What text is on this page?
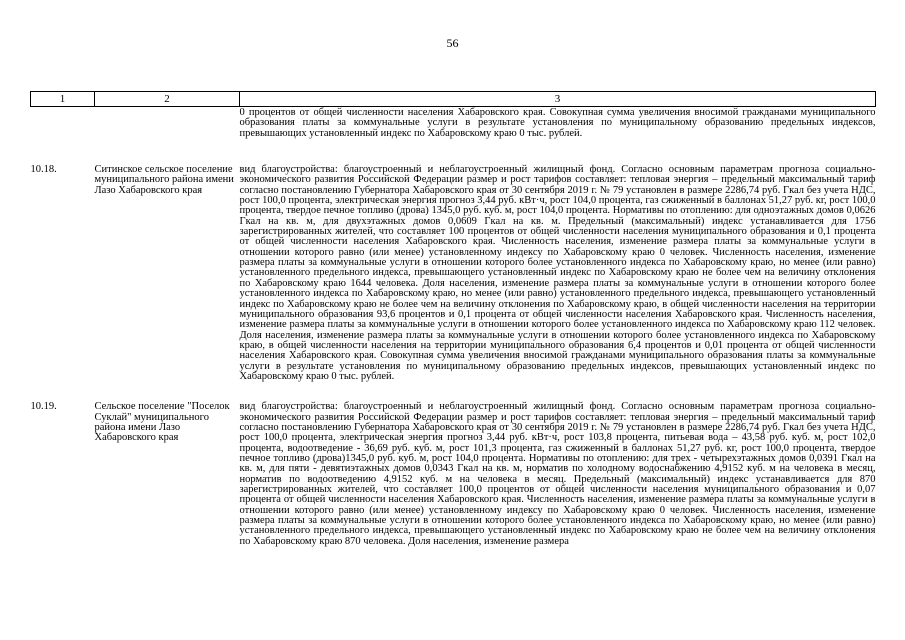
56
1	2	3
		0 процентов от общей численности населения Хабаровского края. Совокупная сумма увеличения вносимой гражданами муниципального образования платы за коммунальные услуги в результате установления по муниципальному образованию предельных индексов, превышающих установленный индекс по Хабаровскому краю 0 тыс. рублей.
10.18.	Ситинское сельское поселение муниципального района имени Лазо Хабаровского края	вид благоустройства: благоустроенный и неблагоустроенный жилищный фонд. Согласно основным параметрам прогноза социально-экономического развития Российской Федерации размер и рост тарифов составляет: тепловая энергия – предельный максимальный тариф согласно постановлению Губернатора Хабаровского края от 30 сентября 2019 г. № 79 установлен в размере 2286,74 руб. Гкал без учета НДС, рост 100,0 процента, электрическая энергия прогноз 3,44 руб. кВт·ч, рост 104,0 процента, газ сжиженный в баллонах 51,27 руб. кг, рост 100,0 процента, твердое печное топливо (дрова) 1345,0 руб. куб. м, рост 104,0 процента. Нормативы по отоплению: для одноэтажных домов 0,0626 Гкал на кв. м, для двухэтажных домов 0,0609 Гкал на кв. м. Предельный (максимальный) индекс устанавливается для 1756 зарегистрированных жителей, что составляет 100 процентов от общей численности населения муниципального образования и 0,1 процента от общей численности населения Хабаровского края. Численность населения, изменение размера платы за коммунальные услуги в отношении которого равно (или менее) установленному индексу по Хабаровскому краю 0 человек. Численность населения, изменение размера платы за коммунальные услуги в отношении которого более установленного индекса по Хабаровскому краю, но менее (или равно) установленного предельного индекса, превышающего установленный индекс по Хабаровскому краю не более чем на величину отклонения по Хабаровскому краю 1644 человека. Доля населения, изменение размера платы за коммунальные услуги в отношении которого более установленного индекса по Хабаровскому краю, но менее (или равно) установленного предельного индекса, превышающего установленный индекс по Хабаровскому краю не более чем на величину отклонения по Хабаровскому краю, в общей численности населения на территории муниципального образования 93,6 процентов и 0,1 процента от общей численности населения Хабаровского края. Численность населения, изменение размера платы за коммунальные услуги в отношении которого более установленного индекса по Хабаровскому краю 112 человек. Доля населения, изменение размера платы за коммунальные услуги в отношении которого более установленного индекса по Хабаровскому краю, в общей численности населения на территории муниципального образования 6,4 процентов и 0,01 процента от общей численности населения Хабаровского края. Совокупная сумма увеличения вносимой гражданами муниципального образования платы за коммунальные услуги в результате установления по муниципальному образованию предельных индексов, превышающих установленный индекс по Хабаровскому краю 0 тыс. рублей.
10.19.	Сельское поселение "Поселок Суклай" муниципального района имени Лазо Хабаровского края	вид благоустройства: благоустроенный и неблагоустроенный жилищный фонд. Согласно основным параметрам прогноза социально-экономического развития Российской Федерации размер и рост тарифов составляет: тепловая энергия – предельный максимальный тариф согласно постановлению Губернатора Хабаровского края от 30 сентября 2019 г. № 79 установлен в размере 2286,74 руб. Гкал без учета НДС, рост 100,0 процента, электрическая энергия прогноз 3,44 руб. кВт·ч, рост 103,8 процента, питьевая вода – 43,58 руб. куб. м, рост 102,0 процента, водоотведение - 36,69 руб. куб. м, рост 101,3 процента, газ сжиженный в баллонах 51,27 руб. кг, рост 100,0 процента, твердое печное топливо (дрова)1345,0 руб. куб. м, рост 104,0 процента. Нормативы по отоплению: для трех - четырехэтажных домов 0,0391 Гкал на кв. м, для пяти - девятиэтажных домов 0,0343 Гкал на кв. м, норматив по холодному водоснабжению 4,9152 куб. м на человека в месяц, норматив по водоотведению 4,9152 куб. м на человека в месяц. Предельный (максимальный) индекс устанавливается для 870 зарегистрированных жителей, что составляет 100,0 процентов от общей численности населения муниципального образования и 0,07 процента от общей численности населения Хабаровского края. Численность населения, изменение размера платы за коммунальные услуги в отношении которого равно (или менее) установленному индексу по Хабаровскому краю 0 человек. Численность населения, изменение размера платы за коммунальные услуги в отношении которого более установленного индекса по Хабаровскому краю, но менее (или равно) установленного предельного индекса, превышающего установленный индекс по Хабаровскому краю не более чем на величину отклонения по Хабаровскому краю 870 человека. Доля населения, изменение размера
